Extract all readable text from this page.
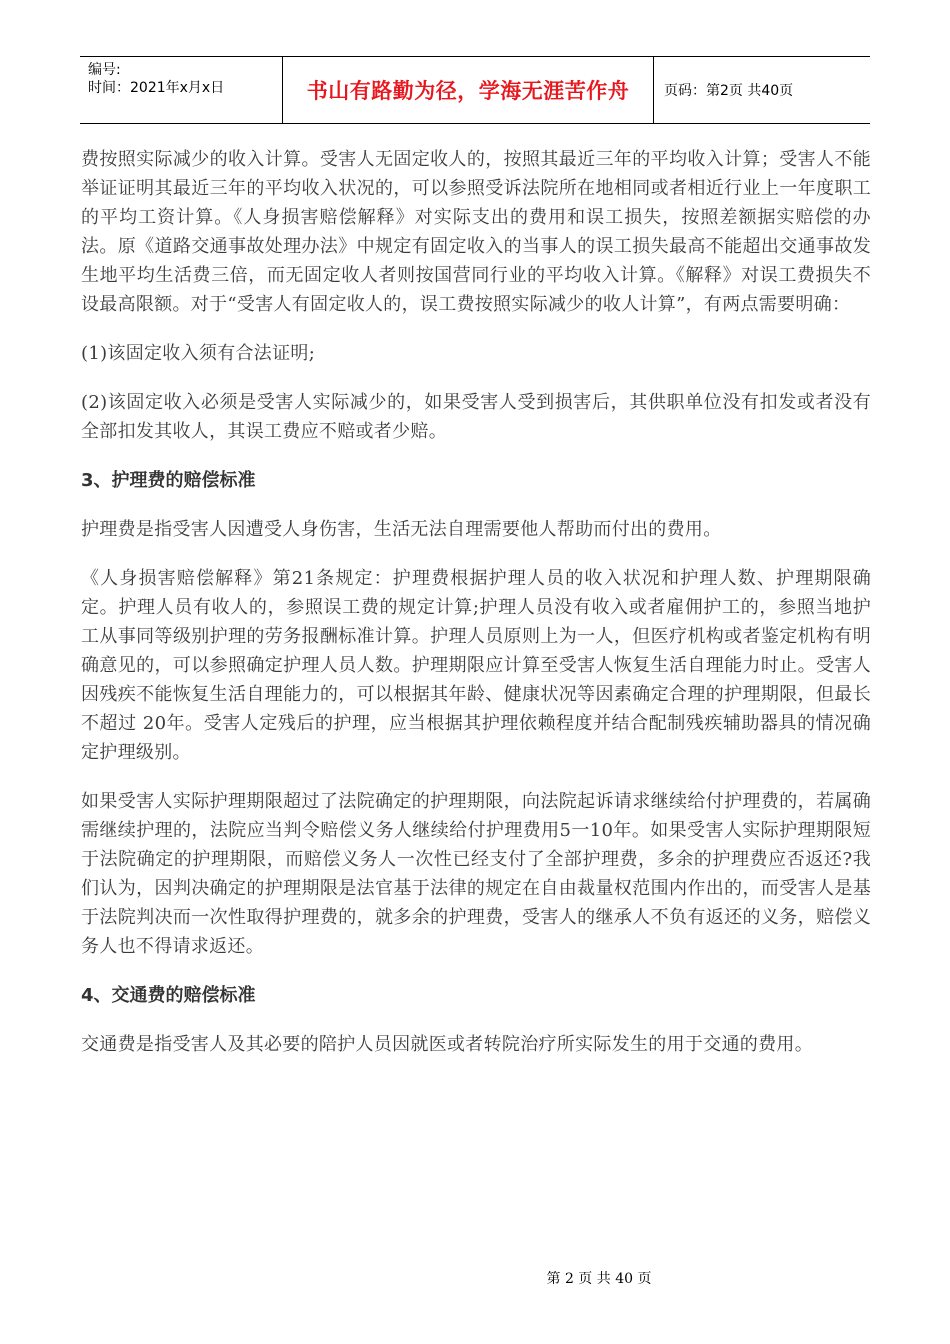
编号:
时间：2021年x月x日	书山有路勤为径，学海无涯苦作舟	页码：第2页 共40页

费按照实际减少的收入计算。受害人无固定收人的，按照其最近三年的平均收入计算；受害人不能举证证明其最近三年的平均收入状况的，可以参照受诉法院所在地相同或者相近行业上一年度职工的平均工资计算。《人身损害赔偿解释》对实际支出的费用和误工损失，按照差额据实赔偿的办法。原《道路交通事故处理办法》中规定有固定收入的当事人的误工损失最高不能超出交通事故发生地平均生活费三倍，而无固定收人者则按国营同行业的平均收入计算。《解释》对误工费损失不设最高限额。对于“受害人有固定收人的，误工费按照实际减少的收人计算”，有两点需要明确：

(1)该固定收入须有合法证明;

(2)该固定收入必须是受害人实际减少的，如果受害人受到损害后，其供职单位没有扣发或者没有全部扣发其收人，其误工费应不赔或者少赔。

3、护理费的赔偿标准

护理费是指受害人因遭受人身伤害，生活无法自理需要他人帮助而付出的费用。

《人身损害赔偿解释》第21条规定：护理费根据护理人员的收入状况和护理人数、护理期限确定。护理人员有收人的，参照误工费的规定计算;护理人员没有收入或者雇佣护工的，参照当地护工从事同等级别护理的劳务报酬标准计算。护理人员原则上为一人，但医疗机构或者鉴定机构有明确意见的，可以参照确定护理人员人数。护理期限应计算至受害人恢复生活自理能力时止。受害人因残疾不能恢复生活自理能力的，可以根据其年龄、健康状况等因素确定合理的护理期限，但最长不超过 20年。受害人定残后的护理，应当根据其护理依赖程度并结合配制残疾辅助器具的情况确定护理级别。

如果受害人实际护理期限超过了法院确定的护理期限，向法院起诉请求继续给付护理费的，若属确需继续护理的，法院应当判令赔偿义务人继续给付护理费用5一10年。如果受害人实际护理期限短于法院确定的护理期限，而赔偿义务人一次性已经支付了全部护理费，多余的护理费应否返还?我们认为，因判决确定的护理期限是法官基于法律的规定在自由裁量权范围内作出的，而受害人是基于法院判决而一次性取得护理费的，就多余的护理费，受害人的继承人不负有返还的义务，赔偿义务人也不得请求返还。

4、交通费的赔偿标准

交通费是指受害人及其必要的陪护人员因就医或者转院治疗所实际发生的用于交通的费用。

第 2 页 共 40 页
